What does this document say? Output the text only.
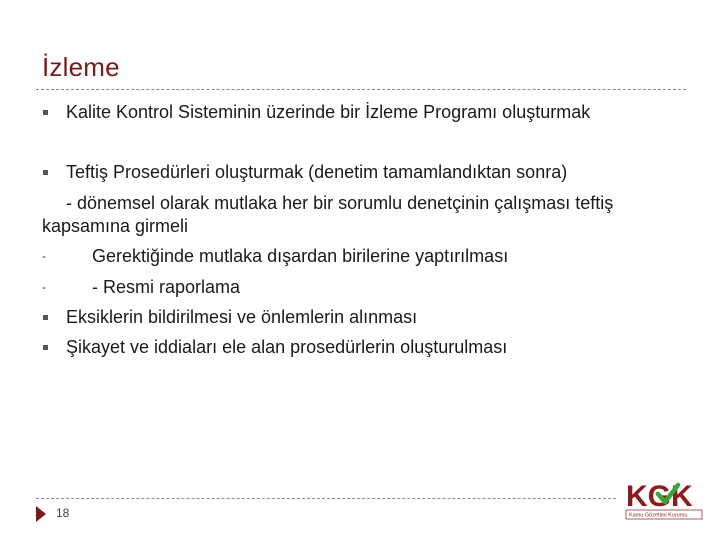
İzleme
Kalite Kontrol Sisteminin üzerinde bir İzleme Programı oluşturmak
Teftiş Prosedürleri oluşturmak (denetim tamamlandıktan sonra)
- dönemsel olarak mutlaka her bir sorumlu denetçinin çalışması teftiş
kapsamına girmeli
-	Gerektiğinde mutlaka dışardan birilerine yaptırılması
-	- Resmi raporlama
Eksiklerin bildirilmesi ve önlemlerin alınması
Şikayet ve iddiaları ele alan prosedürlerin oluşturulması
18	KGK
Kamu Gözetimi Kurumu
